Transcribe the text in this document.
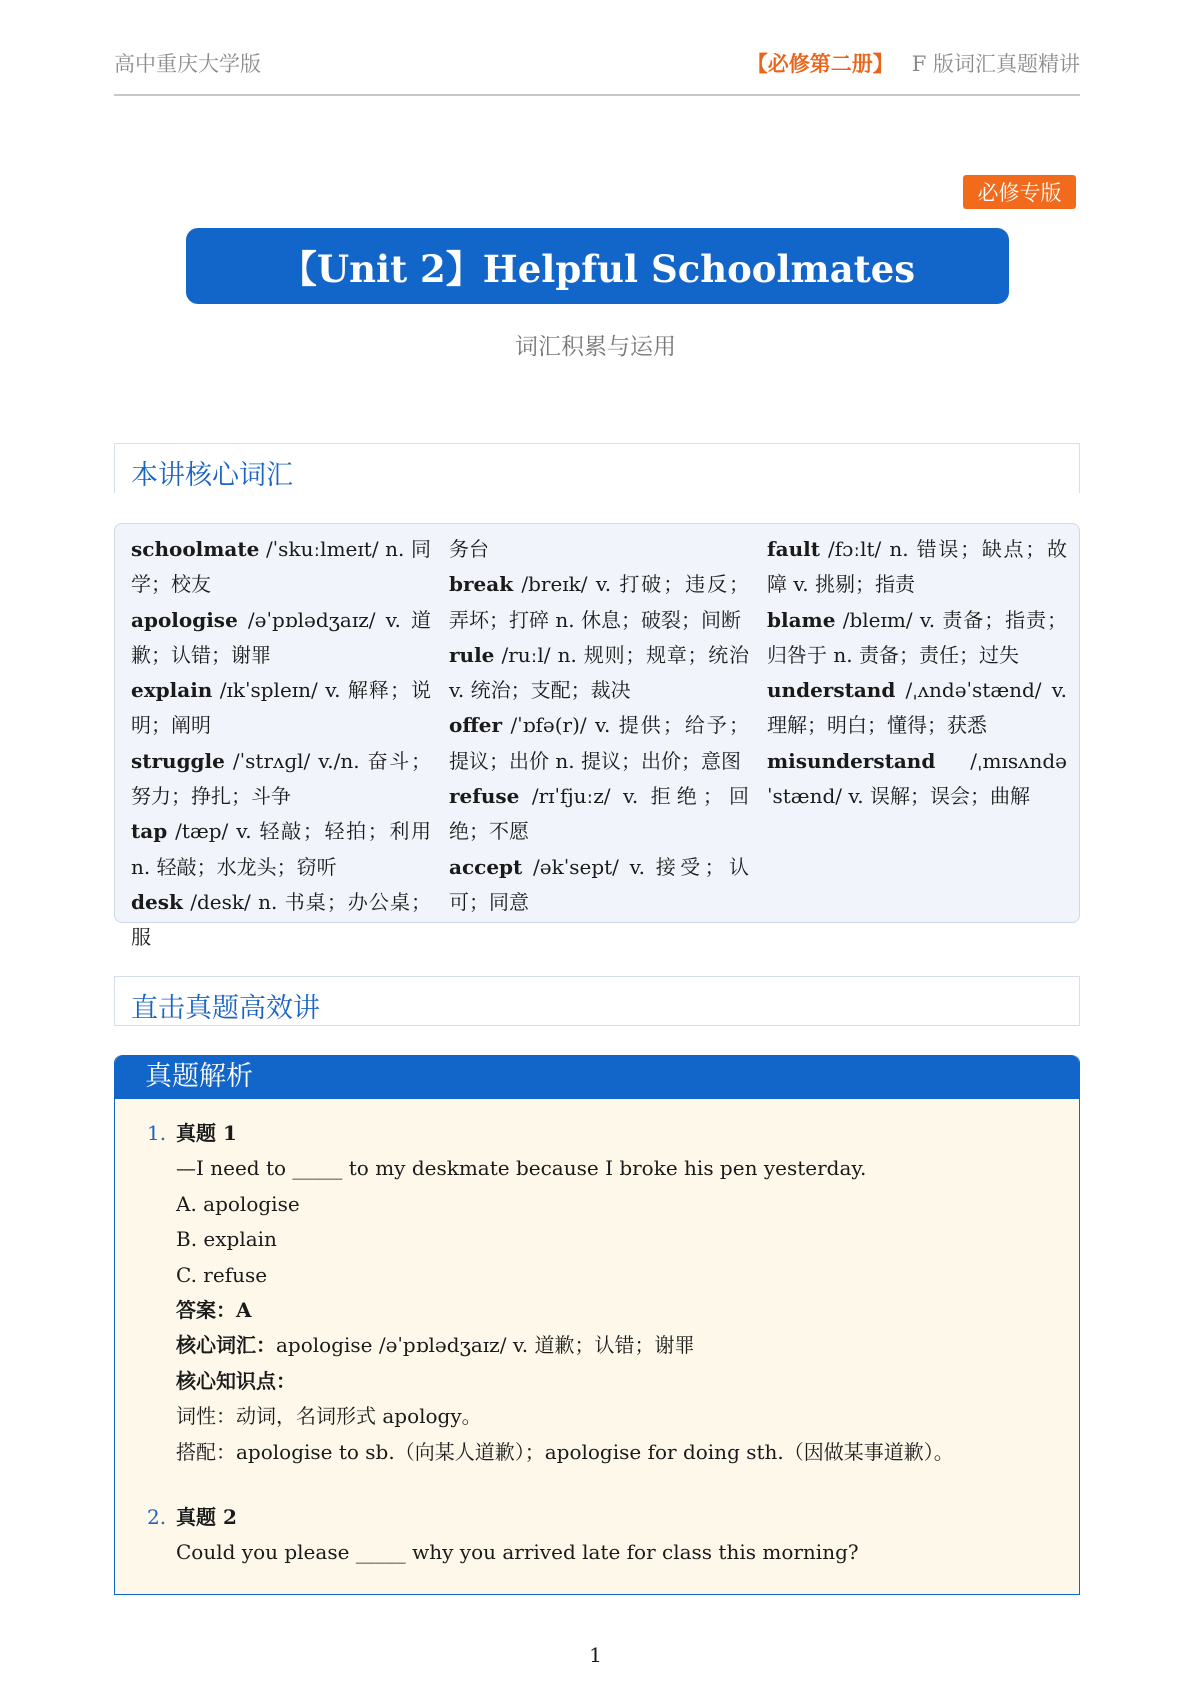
高中重庆大学版	【必修第二册】 F 版词汇真题精讲
必修专版
【Unit 2】Helpful Schoolmates
词汇积累与运用
本讲核心词汇
schoolmate /ˈskuːlmeɪt/ n. 同学；校友
apologise /əˈpɒlədʒaɪz/ v. 道歉；认错；谢罪
explain /ɪkˈspleɪn/ v. 解释；说明；阐明
struggle /ˈstrʌɡl/ v./n. 奋斗；努力；挣扎；斗争
tap /tæp/ v. 轻敲；轻拍；利用 n. 轻敲；水龙头；窃听
desk /desk/ n. 书桌；办公桌；服
务台
break /breɪk/ v. 打破；违反；弄坏；打碎 n. 休息；破裂；间断
rule /ruːl/ n. 规则；规章；统治 v. 统治；支配；裁决
offer /ˈɒfə(r)/ v. 提供；给予；提议；出价 n. 提议；出价；意图
refuse /rɪˈfjuːz/ v. 拒绝；回绝；不愿
accept /əkˈsept/ v. 接受；认可；同意
fault /fɔːlt/ n. 错误；缺点；故障 v. 挑剔；指责
blame /bleɪm/ v. 责备；指责；归咎于 n. 责备；责任；过失
understand /ˌʌndəˈstænd/ v. 理解；明白；懂得；获悉
misunderstand /ˌmɪsʌndəˈstænd/ v. 误解；误会；曲解
直击真题高效讲
真题解析
1. 真题 1
—I need to _____ to my deskmate because I broke his pen yesterday.
A. apologise
B. explain
C. refuse
答案：A
核心词汇：apologise /əˈpɒlədʒaɪz/ v. 道歉；认错；谢罪
核心知识点：
词性：动词，名词形式 apology。
搭配：apologise to sb.（向某人道歉）；apologise for doing sth.（因做某事道歉）。
2. 真题 2
Could you please _____ why you arrived late for class this morning?
1
